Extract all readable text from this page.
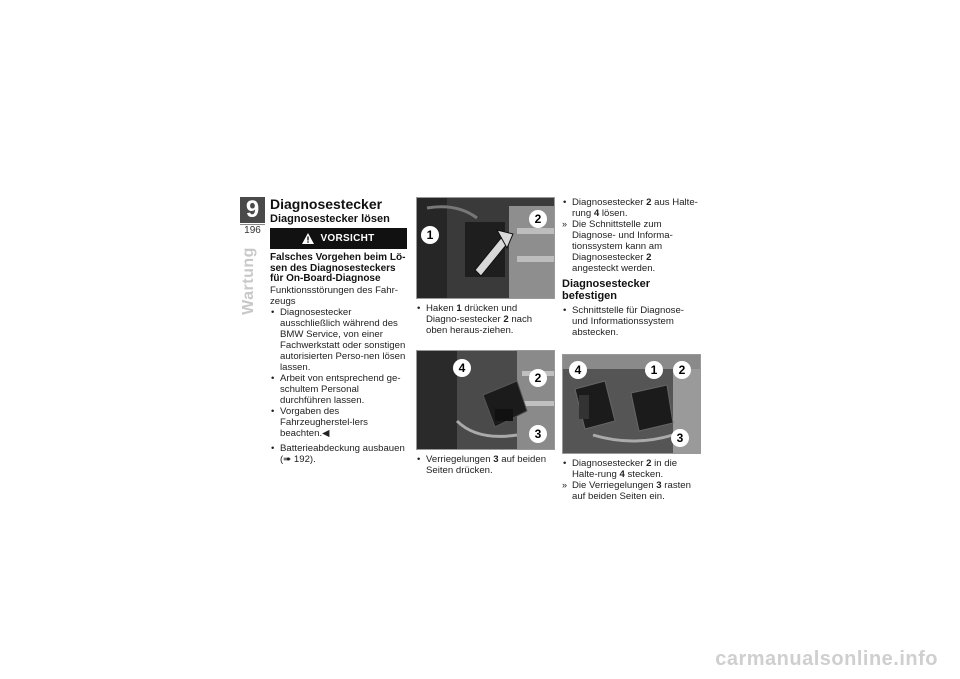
9
196
Wartung
Diagnosestecker
Diagnosestecker lösen
VORSICHT

Falsches Vorgehen beim Lö-sen des Diagnosesteckers für On-Board-Diagnose

Funktionsstörungen des Fahr-zeugs

• Diagnosestecker ausschließlich während des BMW Service, von einer Fachwerkstatt oder sonstigen autorisierten Perso-nen lösen lassen.
• Arbeit von entsprechend ge-schultem Personal durchführen lassen.
• Vorgaben des Fahrzeugherstel-lers beachten.◀
• Batterieabdeckung ausbauen (➠ 192).
1
2
• Haken 1 drücken und Diagno-sestecker 2 nach oben heraus-ziehen.
4
2
3
• Verriegelungen 3 auf beiden Seiten drücken.
• Diagnosestecker 2 aus Halte-rung 4 lösen.
» Die Schnittstelle zum Diagnose- und Informa-tionssystem kann am Diagnosestecker 2 angesteckt werden.
Diagnosestecker befestigen
• Schnittstelle für Diagnose- und Informationssystem abstecken.
4	1	2
3
• Diagnosestecker 2 in die Halte-rung 4 stecken.
» Die Verriegelungen 3 rasten auf beiden Seiten ein.
carmanualsonline.info
